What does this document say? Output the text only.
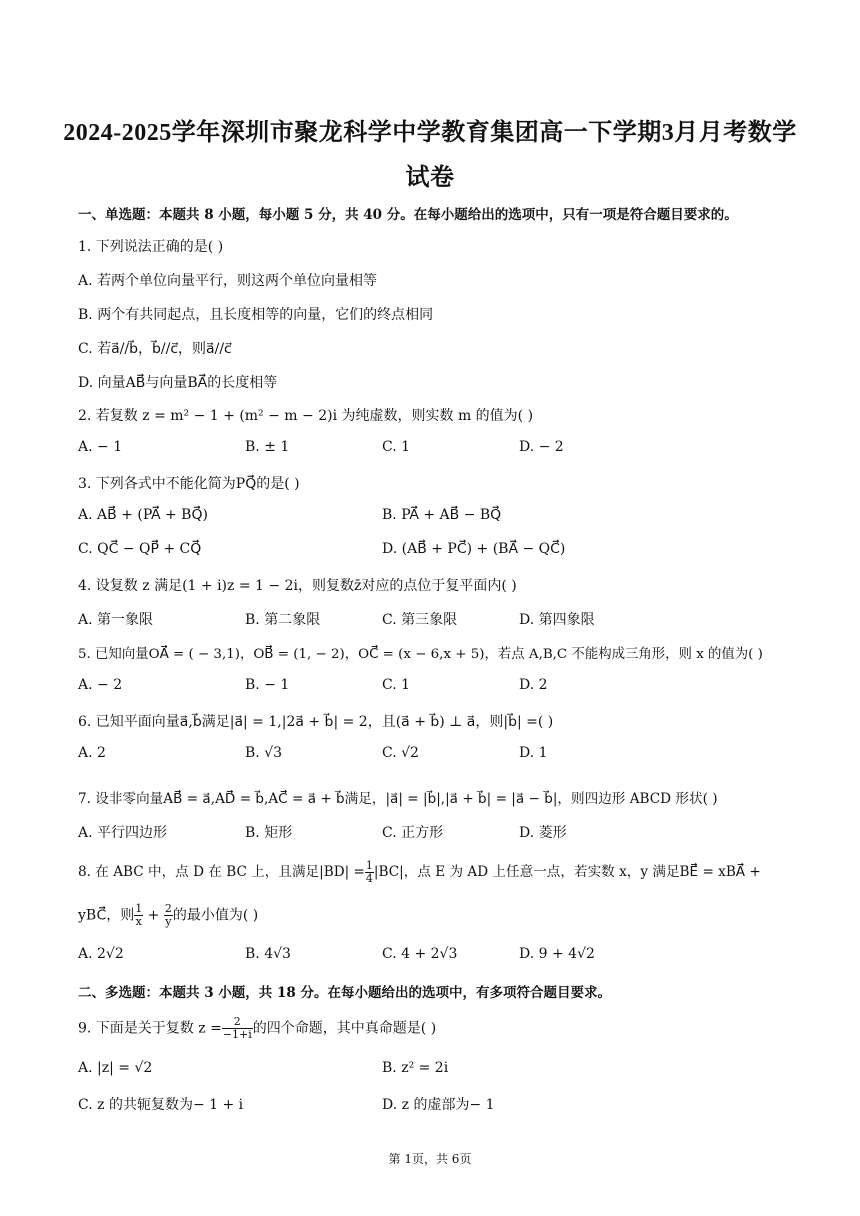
2024-2025学年深圳市聚龙科学中学教育集团高一下学期3月月考数学
试卷
一、单选题：本题共 8 小题，每小题 5 分，共 40 分。在每小题给出的选项中，只有一项是符合题目要求的。
1. 下列说法正确的是( )
A. 若两个单位向量平行，则这两个单位向量相等
B. 两个有共同起点，且长度相等的向量，它们的终点相同
C. 若a⃗//b⃗，b⃗//c⃗，则a⃗//c⃗
D. 向量AB⃗⃗⃗与向量BA⃗⃗⃗的长度相等
2. 若复数 z = m² − 1 + (m² − m − 2)i 为纯虚数，则实数 m 的值为( )
A. − 1	B. ± 1	C. 1	D. − 2
3. 下列各式中不能化简为PQ⃗⃗⃗的是( )
A. AB⃗⃗⃗ + (PA⃗⃗⃗ + BQ⃗⃗⃗)	B. PA⃗⃗⃗ + AB⃗⃗⃗ − BQ⃗⃗⃗
C. QC⃗⃗⃗ − QP⃗⃗⃗ + CQ⃗⃗⃗	D. (AB⃗⃗⃗ + PC⃗⃗⃗) + (BA⃗⃗⃗ − QC⃗⃗⃗)
4. 设复数 z 满足(1 + i)z = 1 − 2i，则复数z̄对应的点位于复平面内( )
A. 第一象限	B. 第二象限	C. 第三象限	D. 第四象限
5. 已知向量OA⃗⃗⃗ = ( − 3,1)，OB⃗⃗⃗ = (1, − 2)，OC⃗⃗⃗ = (x − 6,x + 5)，若点 A,B,C 不能构成三角形，则 x 的值为( )
A. − 2	B. − 1	C. 1	D. 2
6. 已知平面向量a⃗,b⃗满足|a⃗| = 1,|2a⃗ + b⃗| = 2，且(a⃗ + b⃗) ⊥ a⃗，则|b⃗| =( )
A. 2	B. √3	C. √2	D. 1
7. 设非零向量AB⃗⃗⃗ = a⃗,AD⃗⃗⃗ = b⃗,AC⃗⃗⃗ = a⃗ + b⃗满足，|a⃗| = |b⃗|,|a⃗ + b⃗| = |a⃗ − b⃗|，则四边形 ABCD 形状( )
A. 平行四边形	B. 矩形	C. 正方形	D. 菱形
8. 在 ABC 中，点 D 在 BC 上，且满足$|BD| = \frac{1}{4} |BC|$，点 E 为 AD 上任意一点，若实数 x，y 满足BE⃗⃗⃗ = xBA⃗⃗⃗ +
yBC⃗⃗⃗，则 $\frac{1}{x} + \frac{2}{y}$ 的最小值为( )
A. 2√2	B. 4√3	C. 4 + 2√3	D. 9 + 4√2
二、多选题：本题共 3 小题，共 18 分。在每小题给出的选项中，有多项符合题目要求。
9. 下面是关于复数 $z = \frac{2}{-1+i}$ 的四个命题，其中真命题是( )
A. |z| = √2	B. z² = 2i
C. z 的共轭复数为− 1 + i	D. z 的虚部为− 1
第 1页，共 6页
